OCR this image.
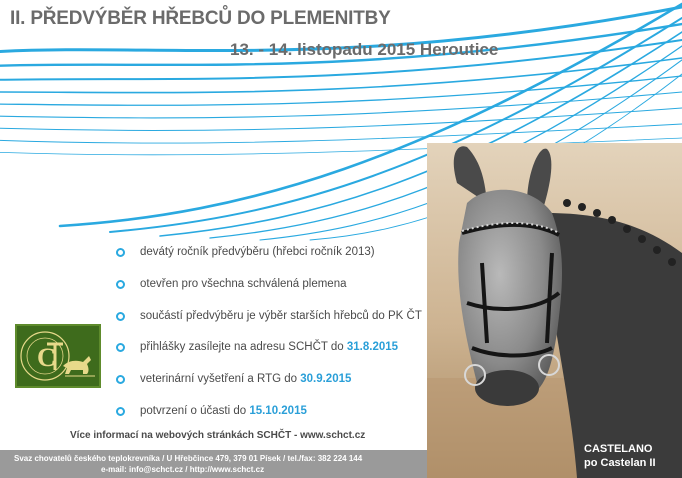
II. PŘEDVÝBĚR HŘEBCŮ DO PLEMENITBY
13. - 14. listopadu 2015 Heroutice
CASTELANO
po Castelan II
devátý ročník předvýběru (hřebci ročník 2013)
otevřen pro všechna schválená plemena
součástí předvýběru je výběr starších hřebců do PK ČT
přihlášky zasílejte na adresu SCHČT do 31.8.2015
veterinární vyšetření a RTG do 30.9.2015
potvrzení o účasti do 15.10.2015
C
Více informací na webových stránkách SCHČT - www.schct.cz
Svaz chovatelů českého teplokrevníka / U Hřebčince 479, 379 01 Písek / tel./fax: 382 224 144
e-mail: info@schct.cz / http://www.schct.cz
